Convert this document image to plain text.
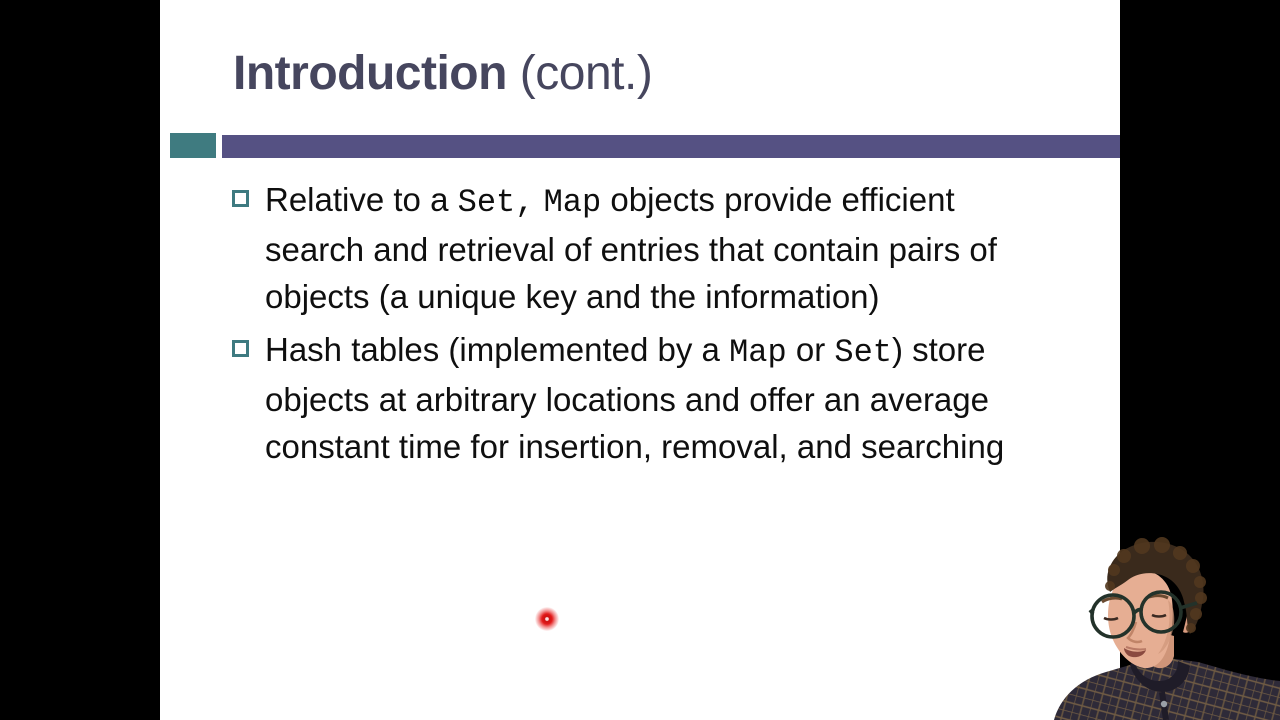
Introduction (cont.)
Relative to a Set, Map objects provide efficient
search and retrieval of entries that contain pairs of
objects (a unique key and the information)
Hash tables (implemented by a Map or Set) store
objects at arbitrary locations and offer an average
constant time for insertion, removal, and searching
